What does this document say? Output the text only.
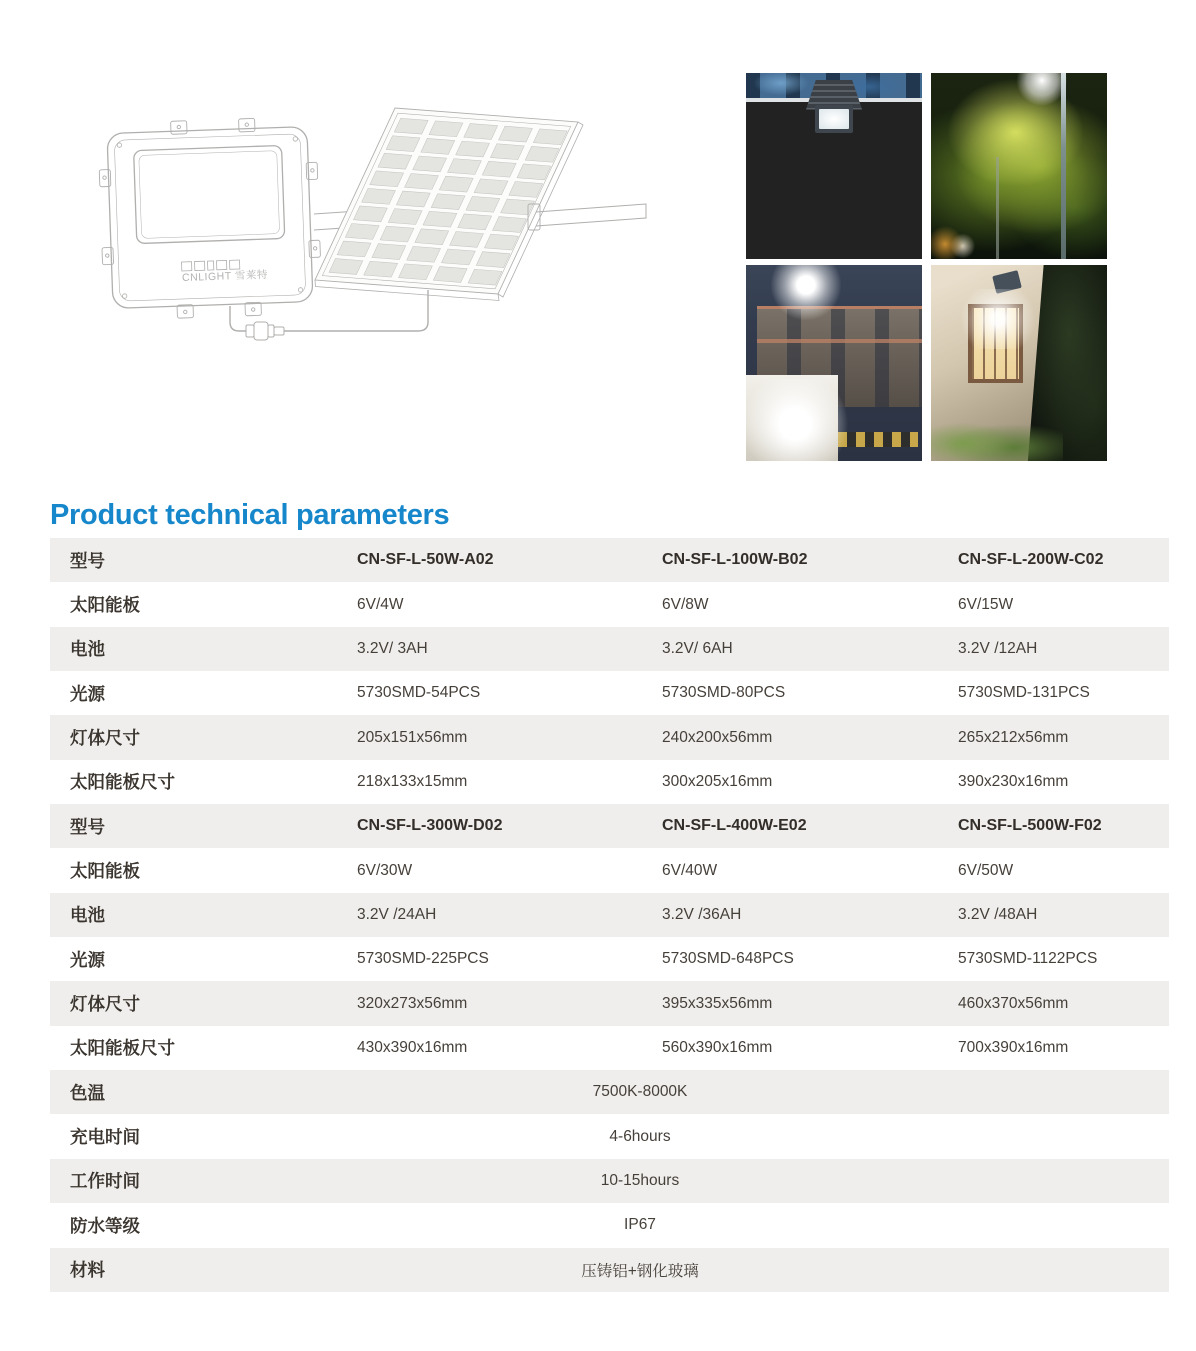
CNLIGHT 雪莱特
Product technical parameters
型号	CN-SF-L-50W-A02	CN-SF-L-100W-B02	CN-SF-L-200W-C02
太阳能板	6V/4W	6V/8W	6V/15W
电池	3.2V/ 3AH	3.2V/ 6AH	3.2V /12AH
光源	5730SMD-54PCS	5730SMD-80PCS	5730SMD-131PCS
灯体尺寸	205x151x56mm	240x200x56mm	265x212x56mm
太阳能板尺寸	218x133x15mm	300x205x16mm	390x230x16mm
型号	CN-SF-L-300W-D02	CN-SF-L-400W-E02	CN-SF-L-500W-F02
太阳能板	6V/30W	6V/40W	6V/50W
电池	3.2V /24AH	3.2V /36AH	3.2V /48AH
光源	5730SMD-225PCS	5730SMD-648PCS	5730SMD-1122PCS
灯体尺寸	320x273x56mm	395x335x56mm	460x370x56mm
太阳能板尺寸	430x390x16mm	560x390x16mm	700x390x16mm
色温	7500K-8000K
充电时间	4-6hours
工作时间	10-15hours
防水等级	IP67
材料	压铸铝+钢化玻璃
